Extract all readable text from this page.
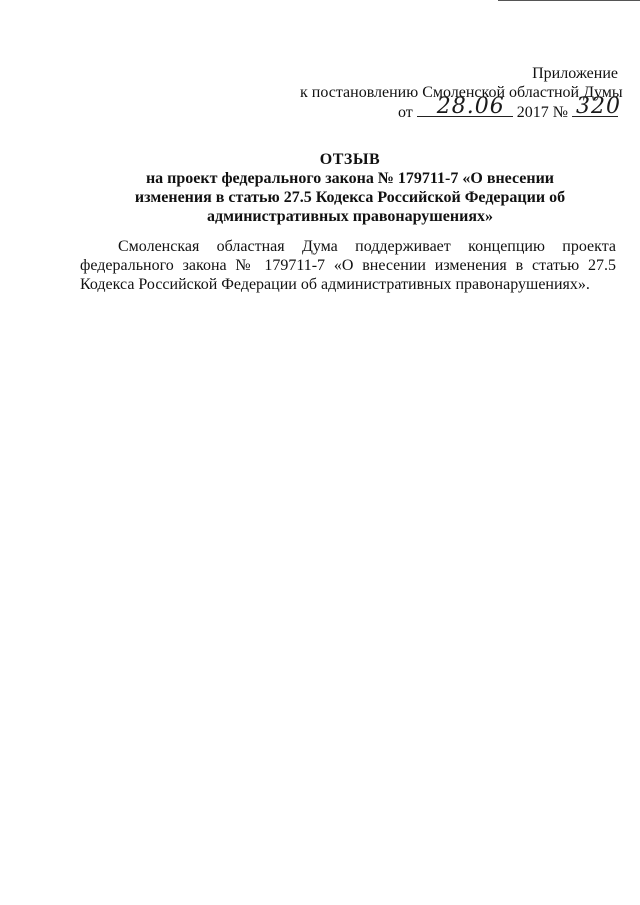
Приложение
к постановлению Смоленской областной Думы
от 28.06 2017 № 320
ОТЗЫВ
на проект федерального закона № 179711-7 «О внесении изменения в статью 27.5 Кодекса Российской Федерации об административных правонарушениях»

Смоленская областная Дума поддерживает концепцию проекта федерального закона № 179711-7 «О внесении изменения в статью 27.5 Кодекса Российской Федерации об административных правонарушениях».
